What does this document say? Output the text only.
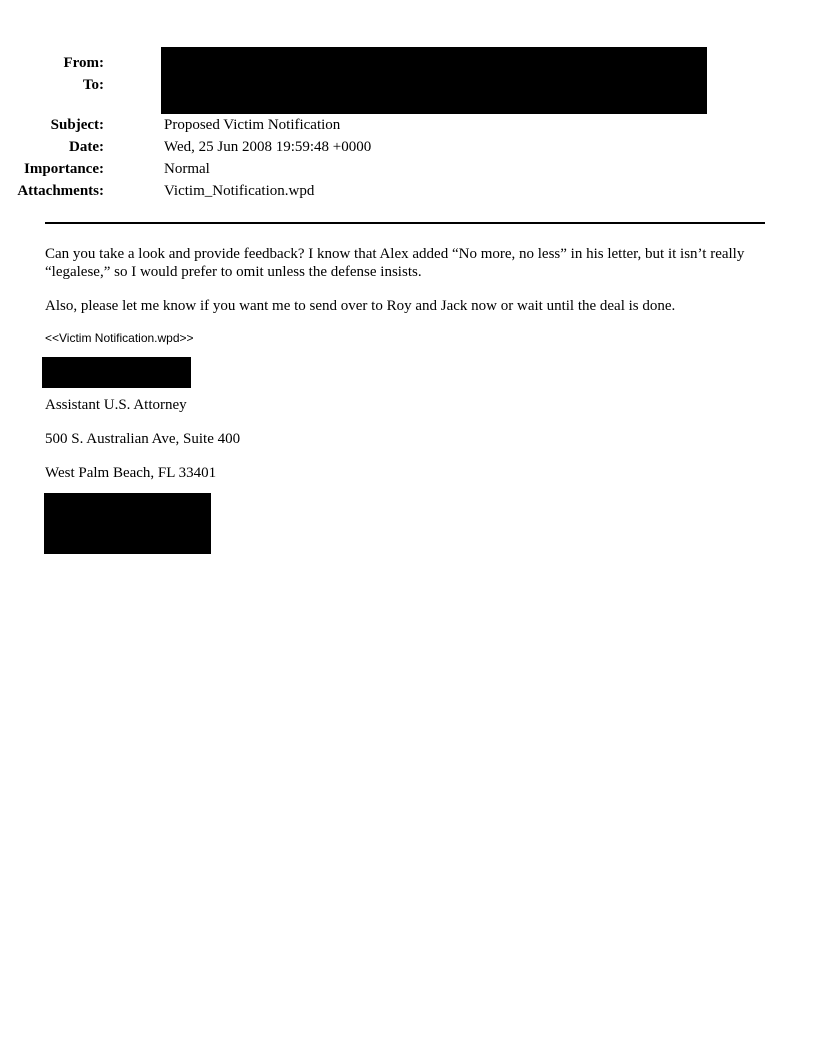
From:
To:
Subject:	Proposed Victim Notification
Date:	Wed, 25 Jun 2008 19:59:48 +0000
Importance:	Normal
Attachments:	Victim_Notification.wpd
Can you take a look and provide feedback? I know that Alex added “No more, no less” in his letter, but it isn’t really “legalese,” so I would prefer to omit unless the defense insists.
Also, please let me know if you want me to send over to Roy and Jack now or wait until the deal is done.
<<Victim Notification.wpd>>
Assistant U.S. Attorney
500 S. Australian Ave, Suite 400
West Palm Beach, FL 33401
